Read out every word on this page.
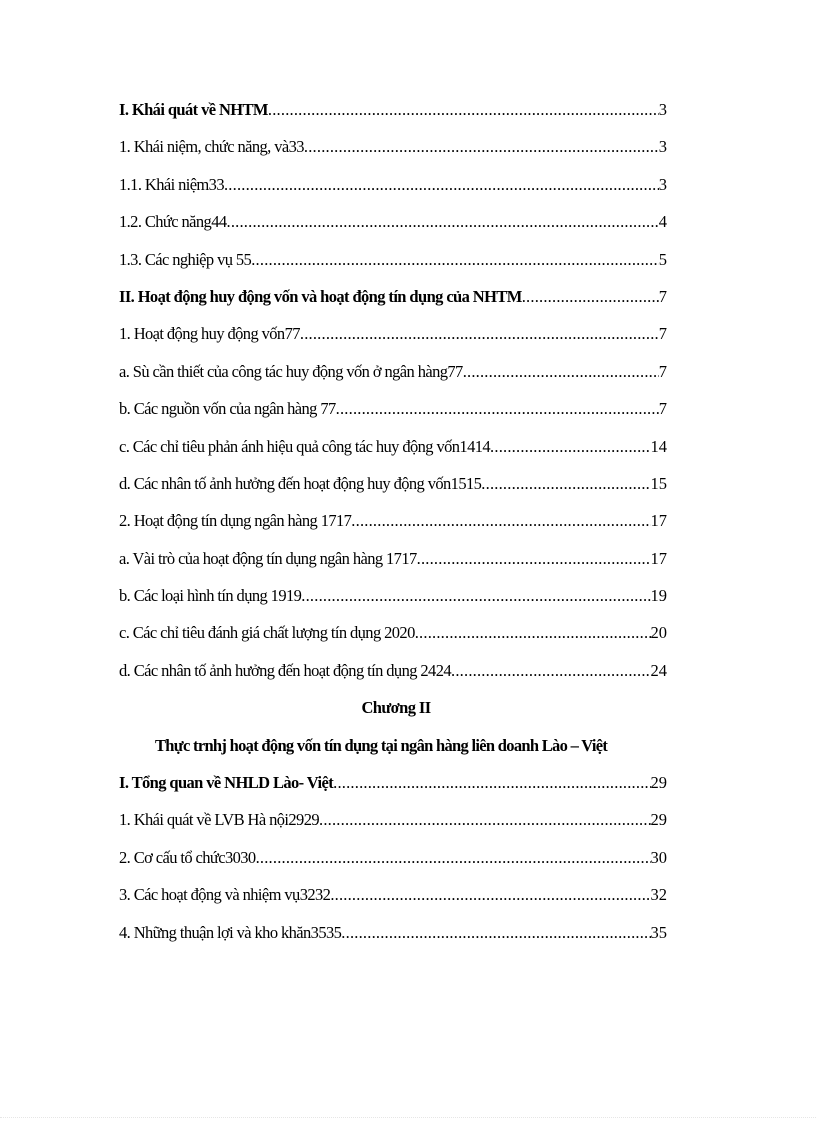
I. Khái quát về NHTM .....	3
1. Khái niệm, chức năng, và33 .....	3
1.1. Khái niệm33 .....	3
1.2. Chức năng44 .....	4
1.3. Các nghiệp vụ 55 .....	5
II. Hoạt động huy động vốn và hoạt động tín dụng của NHTM .....	7
1. Hoạt động huy động vốn77 .....	7
a. Sù cần thiết của công tác huy động vốn ở ngân hàng77 .....	7
b. Các nguồn vốn của ngân hàng 77 .....	7
c. Các chỉ tiêu phản ánh hiệu quả công tác huy động vốn1414 .....	14
d. Các nhân tố ảnh hưởng đến hoạt động huy động vốn1515 .....	15
2. Hoạt động tín dụng ngân hàng 1717 .....	17
a. Vài trò của hoạt động tín dụng ngân hàng 1717 .....	17
b. Các loại hình tín dụng 1919 .....	19
c. Các chỉ tiêu đánh giá chất lượng tín dụng 2020 .....	20
d. Các nhân tố ảnh hưởng đến hoạt động tín dụng 2424 .....	24
Chương II
Thực trnhj hoạt động vốn tín dụng tại ngân hàng liên doanh Lào – Việt
I. Tổng quan về NHLD Lào- Việt .....	29
1. Khái quát về LVB Hà nội2929 .....	29
2. Cơ cấu tổ chức3030 .....	30
3. Các hoạt động và nhiệm vụ3232 .....	32
4. Những thuận lợi và kho khăn3535 .....	35
